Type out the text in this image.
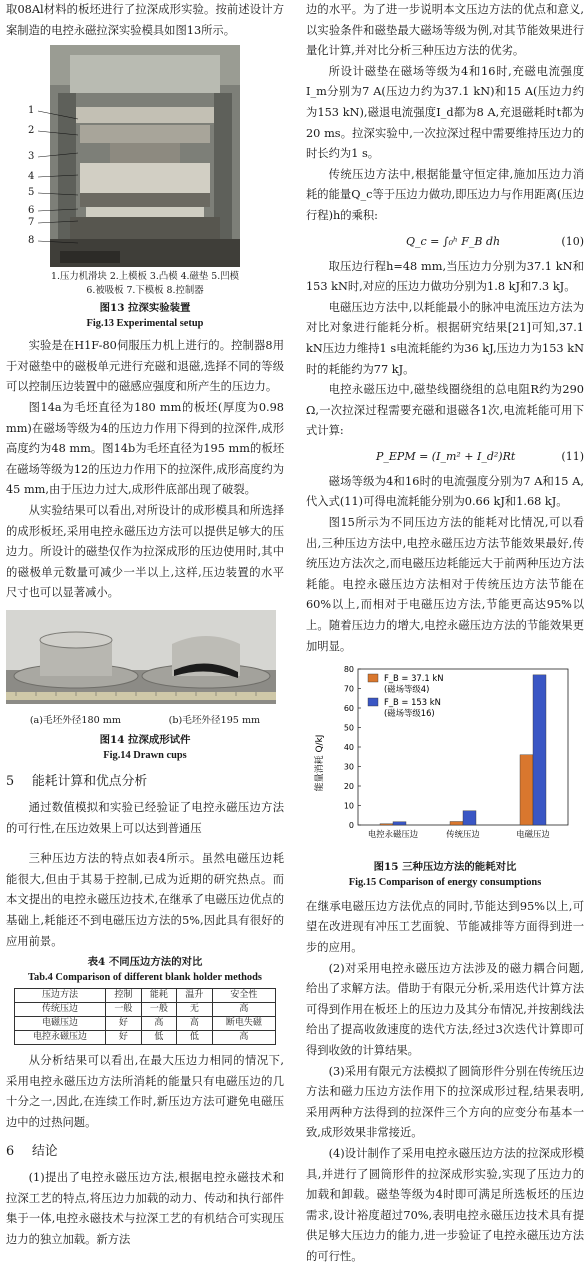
取08Al材料的板坯进行了拉深成形实验。按前述设计方案制造的电控永磁拉深实验模具如图13所示。

1
2
3
4
5
6
7
8

1.压力机滑块 2.上模板 3.凸模 4.磁垫 5.凹模

6.被吸板 7.下模板 8.控制器

图13 拉深实验装置

Fig.13 Experimental setup

实验是在H1F-80伺服压力机上进行的。控制器8用于对磁垫中的磁极单元进行充磁和退磁,选择不同的等级可以控制压边装置中的磁感应强度和所产生的压边力。

图14a为毛坯直径为180 mm的板坯(厚度为0.98 mm)在磁场等级为4的压边力作用下得到的拉深件,成形高度约为48 mm。图14b为毛坯直径为195 mm的板坯在磁场等级为12的压边力作用下的拉深件,成形高度约为45 mm,由于压边力过大,成形件底部出现了破裂。

从实验结果可以看出,对所设计的成形模具和所选择的成形板坯,采用电控永磁压边方法可以提供足够大的压边力。所设计的磁垫仅作为拉深成形的压边使用时,其中的磁极单元数量可减少一半以上,这样,压边装置的水平尺寸也可以显著减小。

(a)毛坯外径180 mm	(b)毛坯外径195 mm

图14 拉深成形试件

Fig.14 Drawn cups

5 能耗计算和优点分析

通过数值模拟和实验已经验证了电控永磁压边方法的可行性,在压边效果上可以达到普通压

三种压边方法的特点如表4所示。虽然电磁压边耗能很大,但由于其易于控制,已成为近期的研究热点。而本文提出的电控永磁压边技术,在继承了电磁压边优点的基础上,耗能还不到电磁压边方法的5%,因此具有很好的应用前景。

表4 不同压边方法的对比

Tab.4 Comparison of different blank holder methods

压边方法	控制	能耗	温升	安全性
传统压边	一般	一般	无	高
电磁压边	好	高	高	断电失磁
电控永磁压边	好	低	低	高

从分析结果可以看出,在最大压边力相同的情况下,采用电控永磁压边方法所消耗的能量只有电磁压边的几十分之一,因此,在连续工作时,新压边方法可避免电磁压边中的过热问题。

6 结论

(1)提出了电控永磁压边方法,根据电控永磁技术和拉深工艺的特点,将压边力加载的动力、传动和执行部件集于一体,电控永磁技术与拉深工艺的有机结合可实现压边力的独立加载。新方法

边的水平。为了进一步说明本文压边方法的优点和意义,以实验条件和磁垫最大磁场等级为例,对其节能效果进行量化计算,并对比分析三种压边方法的优劣。

所设计磁垫在磁场等级为4和16时,充磁电流强度I_m分别为7 A(压边力约为37.1 kN)和15 A(压边力约为153 kN),磁退电流强度I_d都为8 A,充退磁耗时t都为20 ms。拉深实验中,一次拉深过程中需要维持压边力的时长约为1 s。

传统压边方法中,根据能量守恒定律,施加压边力消耗的能量Q_c等于压边力做功,即压边力与作用距离(压边行程)h的乘积:

Q_c = ∫₀ʰ F_B dh	(10)

取压边行程h=48 mm,当压边力分别为37.1 kN和153 kN时,对应的压边力做功分别为1.8 kJ和7.3 kJ。

电磁压边方法中,以耗能最小的脉冲电流压边方法为对比对象进行能耗分析。根据研究结果[21]可知,37.1 kN压边力维持1 s电流耗能约为36 kJ,压边力为153 kN时的耗能约为77 kJ。

电控永磁压边中,磁垫线圈绕组的总电阻R约为290 Ω,一次拉深过程需要充磁和退磁各1次,电流耗能可用下式计算:

P_EPM = (I_m² + I_d²)Rt	(11)

磁场等级为4和16时的电流强度分别为7 A和15 A,代入式(11)可得电流耗能分别为0.66 kJ和1.68 kJ。

图15所示为不同压边方法的能耗对比情况,可以看出,三种压边方法中,电控永磁压边方法节能效果最好,传统压边方法次之,而电磁压边耗能远大于前两种压边方法耗能。电控永磁压边方法相对于传统压边方法节能在60%以上,而相对于电磁压边方法,节能更高达95%以上。随着压边力的增大,电控永磁压边方法的节能效果更加明显。

能量消耗 Q/kJ
0
10
20
30
40
50
60
70
80
电控永磁压边	传统压边	电磁压边
F_B = 37.1 kN
(磁场等级4)
F_B = 153 kN
(磁场等级16)

图15 三种压边方法的能耗对比

Fig.15 Comparison of energy consumptions

在继承电磁压边方法优点的同时,节能达到95%以上,可望在改进现有冲压工艺面貌、节能减排等方面得到进一步的应用。

(2)对采用电控永磁压边方法涉及的磁力耦合问题,给出了求解方法。借助于有限元分析,采用迭代计算方法可得到作用在板坯上的压边力及其分布情况,并按割线法给出了提高收敛速度的迭代方法,经过3次迭代计算即可得到收敛的计算结果。

(3)采用有限元方法模拟了圆筒形件分别在传统压边方法和磁力压边方法作用下的拉深成形过程,结果表明,采用两种方法得到的拉深件三个方向的应变分布基本一致,成形效果非常接近。

(4)设计制作了采用电控永磁压边方法的拉深成形模具,并进行了圆筒形件的拉深成形实验,实现了压边力的加载和卸载。磁垫等级为4时即可满足所选板坯的压边需求,设计裕度超过70%,表明电控永磁压边技术具有提供足够大压边力的能力,进一步验证了电控永磁压边方法的可行性。
